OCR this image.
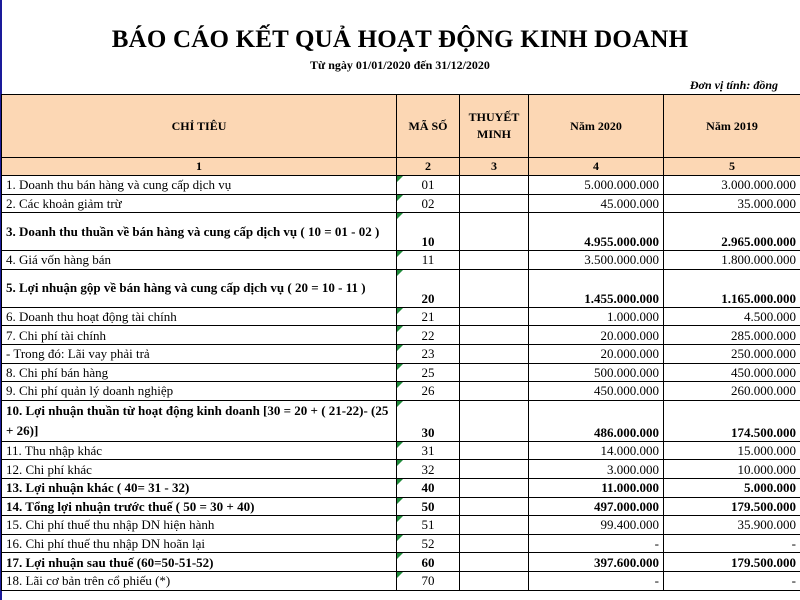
BÁO CÁO KẾT QUẢ HOẠT ĐỘNG KINH DOANH
Từ ngày 01/01/2020 đến 31/12/2020
Đơn vị tính: đồng
CHỈ TIÊU	MÃ SỐ	THUYẾT MINH	Năm 2020	Năm 2019
1	2	3	4	5
1. Doanh thu bán hàng và cung cấp dịch vụ	01		5.000.000.000	3.000.000.000
2. Các khoản giảm trừ	02		45.000.000	35.000.000
3. Doanh thu thuần về bán hàng và cung cấp dịch vụ ( 10 = 01 - 02 )	10		4.955.000.000	2.965.000.000
4. Giá vốn hàng bán	11		3.500.000.000	1.800.000.000
5. Lợi nhuận gộp về bán hàng và cung cấp dịch vụ ( 20 = 10 - 11 )	20		1.455.000.000	1.165.000.000
6. Doanh thu hoạt động tài chính	21		1.000.000	4.500.000
7. Chi phí tài chính	22		20.000.000	285.000.000
- Trong đó: Lãi vay phải trả	23		20.000.000	250.000.000
8. Chi phí bán hàng	25		500.000.000	450.000.000
9. Chi phí quản lý doanh nghiệp	26		450.000.000	260.000.000
10. Lợi nhuận thuần từ hoạt động kinh doanh [30 = 20 + ( 21-22)- (25 + 26)]	30		486.000.000	174.500.000
11. Thu nhập khác	31		14.000.000	15.000.000
12. Chi phí khác	32		3.000.000	10.000.000
13. Lợi nhuận khác ( 40= 31 - 32)	40		11.000.000	5.000.000
14. Tổng lợi nhuận trước thuế ( 50 = 30 + 40)	50		497.000.000	179.500.000
15. Chi phí thuế thu nhập DN hiện hành	51		99.400.000	35.900.000
16. Chi phí thuế thu nhập DN hoãn lại	52		-	-
17. Lợi nhuận sau thuế (60=50-51-52)	60		397.600.000	179.500.000
18. Lãi cơ bản trên cổ phiếu (*)	70		-	-
